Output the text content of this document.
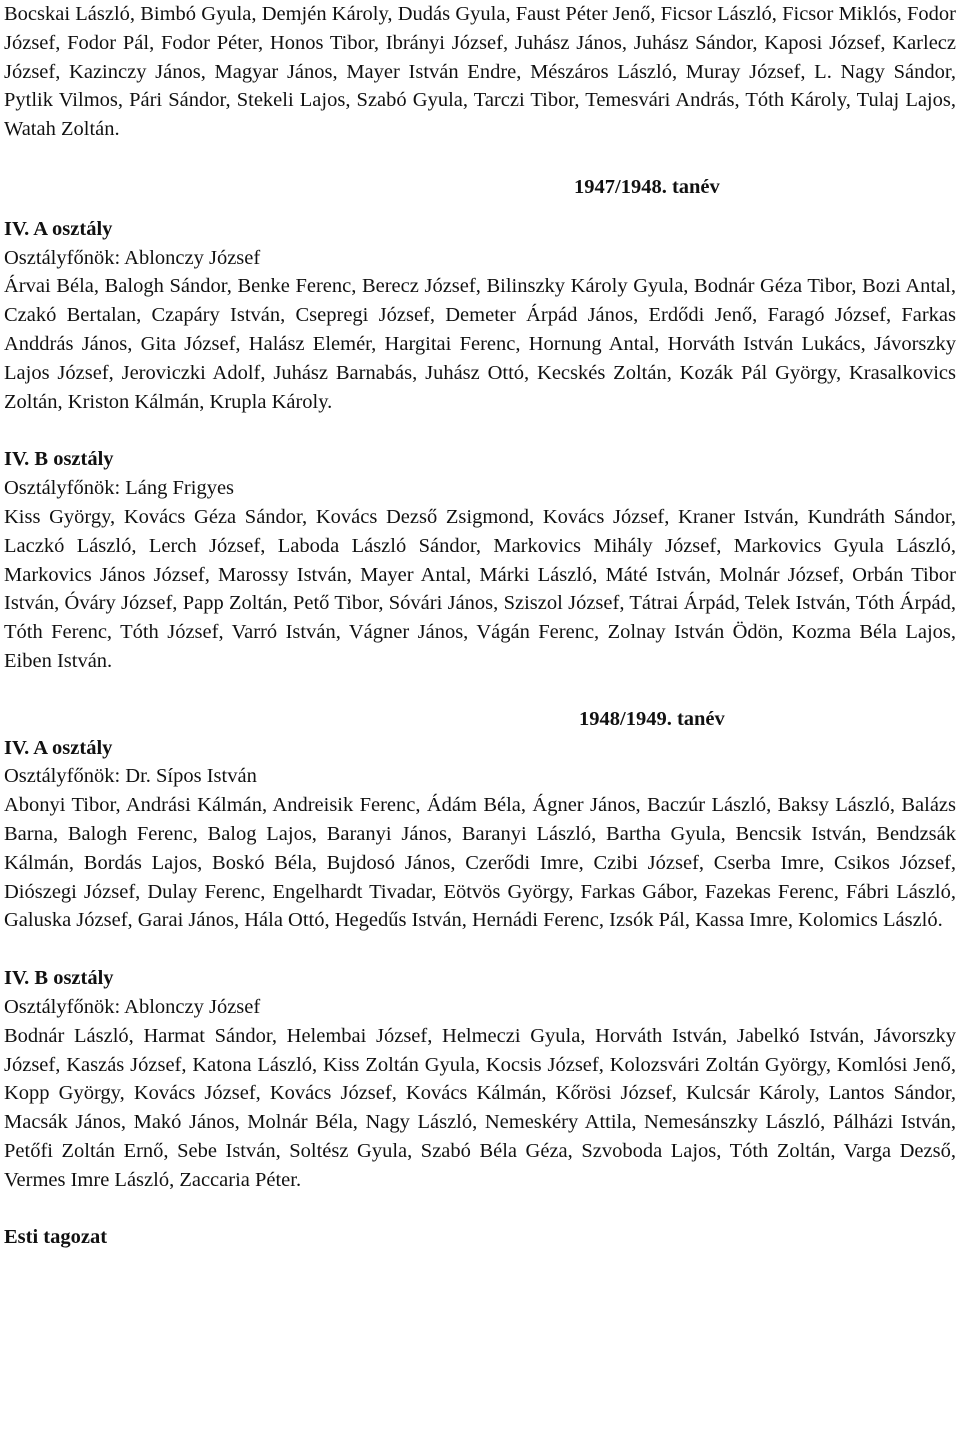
Bocskai László, Bimbó Gyula, Demjén Károly, Dudás Gyula, Faust Péter Jenő, Ficsor László, Ficsor Miklós, Fodor József, Fodor Pál, Fodor Péter, Honos Tibor, Ibrányi József, Juhász János, Juhász Sándor, Kaposi József, Karlecz József, Kazinczy János, Magyar János, Mayer István Endre, Mészáros László, Muray József, L. Nagy Sándor, Pytlik Vilmos, Pári Sándor, Stekeli Lajos, Szabó Gyula, Tarczi Tibor, Temesvári András, Tóth Károly, Tulaj Lajos, Watah Zoltán.

1947/1948. tanév

IV. A osztály

Osztályfőnök: Ablonczy József

Árvai Béla, Balogh Sándor, Benke Ferenc, Berecz József, Bilinszky Károly Gyula, Bodnár Géza Tibor, Bozi Antal, Czakó Bertalan, Czapáry István, Csepregi József, Demeter Árpád János, Erdődi Jenő, Faragó József, Farkas Anddrás János, Gita József, Halász Elemér, Hargitai Ferenc, Hornung Antal, Horváth István Lukács, Jávorszky Lajos József, Jeroviczki Adolf, Juhász Barnabás, Juhász Ottó, Kecskés Zoltán, Kozák Pál György, Krasalkovics Zoltán, Kriston Kálmán, Krupla Károly.

IV. B osztály

Osztályfőnök: Láng Frigyes

Kiss György, Kovács Géza Sándor, Kovács Dezső Zsigmond, Kovács József, Kraner István, Kundráth Sándor, Laczkó László, Lerch József, Laboda László Sándor, Markovics Mihály József, Markovics Gyula László, Markovics János József, Marossy István, Mayer Antal, Márki László, Máté István, Molnár József, Orbán Tibor István, Óváry József, Papp Zoltán, Pető Tibor, Sóvári János, Sziszol József, Tátrai Árpád, Telek István, Tóth Árpád, Tóth Ferenc, Tóth József, Varró István, Vágner János, Vágán Ferenc, Zolnay István Ödön, Kozma Béla Lajos, Eiben István.

1948/1949. tanév

IV. A osztály

Osztályfőnök: Dr. Sípos István

Abonyi Tibor, Andrási Kálmán, Andreisik Ferenc, Ádám Béla, Ágner János, Baczúr László, Baksy László, Balázs Barna, Balogh Ferenc, Balog Lajos, Baranyi János, Baranyi László, Bartha Gyula, Bencsik István, Bendzsák Kálmán, Bordás Lajos, Boskó Béla, Bujdosó János, Czerődi Imre, Czibi József, Cserba Imre, Csikos József, Diószegi József, Dulay Ferenc, Engelhardt Tivadar, Eötvös György, Farkas Gábor, Fazekas Ferenc, Fábri László, Galuska József, Garai János, Hála Ottó, Hegedűs István, Hernádi Ferenc, Izsók Pál, Kassa Imre, Kolomics László.

IV. B osztály

Osztályfőnök: Ablonczy József

Bodnár László, Harmat Sándor, Helembai József, Helmeczi Gyula, Horváth István, Jabelkó István, Jávorszky József, Kaszás József, Katona László, Kiss Zoltán Gyula, Kocsis József, Kolozsvári Zoltán György, Komlósi Jenő, Kopp György, Kovács József, Kovács József, Kovács Kálmán, Kőrösi József, Kulcsár Károly, Lantos Sándor, Macsák János, Makó János, Molnár Béla, Nagy László, Nemeskéry Attila, Nemesánszky László, Pálházi István, Petőfi Zoltán Ernő, Sebe István, Soltész Gyula, Szabó Béla Géza, Szvoboda Lajos, Tóth Zoltán, Varga Dezső, Vermes Imre László, Zaccaria Péter.

Esti tagozat
